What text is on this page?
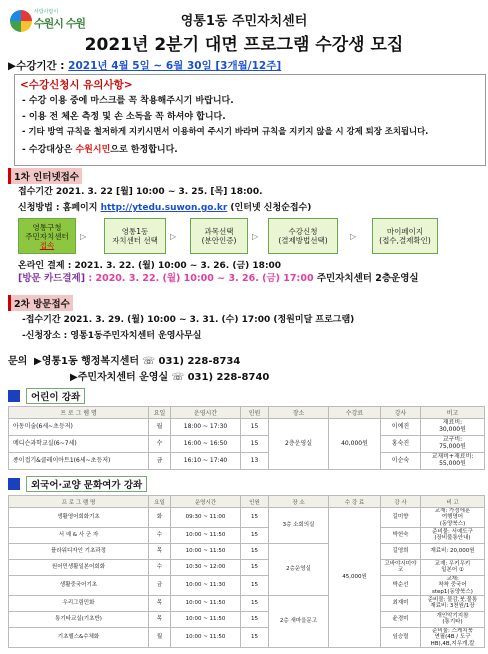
사람사람이
수원시 수원	영통1동 주민자치센터
2021년 2분기 대면 프로그램 수강생 모집
▶수강기간 : 2021년 4월 5일 ~ 6월 30일 [3개월/12주]
<수강신청시 유의사항>
- 수강 이용 중에 마스크를 꼭 착용해주시기 바랍니다.
- 이용 전 체온 측정 및 손 소독을 꼭 하셔야 합니다.
- 기타 방역 규칙을 철저하게 지키시면서 이용하여 주시기 바라며 규칙을 지키지 않을 시 강제 퇴장 조치됩니다.
- 수강대상은 수원시민으로 한정합니다.
1차 인터넷접수
접수기간 2021. 3. 22 [월] 10:00 ~ 3. 25. [목] 18:00.
신청방법 : 홈페이지 http://ytedu.suwon.go.kr (인터넷 신청순접수)
영통구청
주민자치센터
접속
▷
영통1동
자치센터 선택 ▷
과목선택
(분안인증) ▷
수강신청
(결제방법선택)	▷
마이페이지
(접수,결제확인)
온라인 결제 : 2021. 3. 22. (월) 10:00 ~ 3. 26. (금) 18:00
[방문 카드결제] : 2020. 3. 22. (월) 10:00 ~ 3. 26. (금) 17:00 주민자치센터 2층운영실
2차 방문접수
-접수기간 2021. 3. 29. (월) 10:00 ~ 3. 31. (수) 17:00 (정원미달 프로그램)
-신청장소 : 영통1동주민자치센터 운영사무실
문의 ▶영통1동 행정복지센터 ☏ 031) 228-8734
▶주민자치센터 운영실 ☏ 031) 228-8740
어린이 강좌
프 로 그 램 명	요일	운영시간	인원	장소	수강료	강사	비고
아동미술(6세~초등저)	월	18:00 ~ 17:30	15	2층운영실	40,000원	이예진	재료비:
30,000원
메디슨과학교실(6~7세)	수	16:00 ~ 16:50	15			홍숙진	교구비:
75,000원
종이접기&클레이아트1(6세~초등저)	금	16:10 ~ 17:40	13			이순숙	교재비+재료비:
55,000원
외국어·교양 문화여가 강좌
프 로 그 램 명	요일	운영시간	인원	장 소	수 강 료	강 사	비 고
생활영어회화기초	화	09:30 ~ 11:00	15	3층 소회의실	45,000원	길미향	교재: 가정에훈
여행영어
(동양북스)
서 예 & 사 군 자	수	10:00 ~ 11:50	15			박헌숙	준비물: 서예도구
(장비불통안내)
플라워디자인 기초과정	목	10:00 ~ 11:50	15	2층운영실		길영희	재료비: 20,000원
원어민생활일본어회화	수	10:30 ~ 12:00	15			고바야시미야코	교재: 우키우키
일본어 ①
생활중국어기초	금	10:00 ~ 11:30	15			박순선	교재:
착착 중국어
step1(동양북스)
우리그림민화	목	10:00 ~ 11:50	15	2층 새마을문고		최재미	준비물: 물감,붓,물통
재료비: 3천원/1장
통기타교실(기초반)	목	10:00 ~ 11:50	15			윤경미	개인악기지참
(통기타)
기초헬스&수체화	월	10:00 ~ 11:50	15			임승렬	준비물: 스케치북
연필(4B / 도구
HB),4B,지우개,칼
